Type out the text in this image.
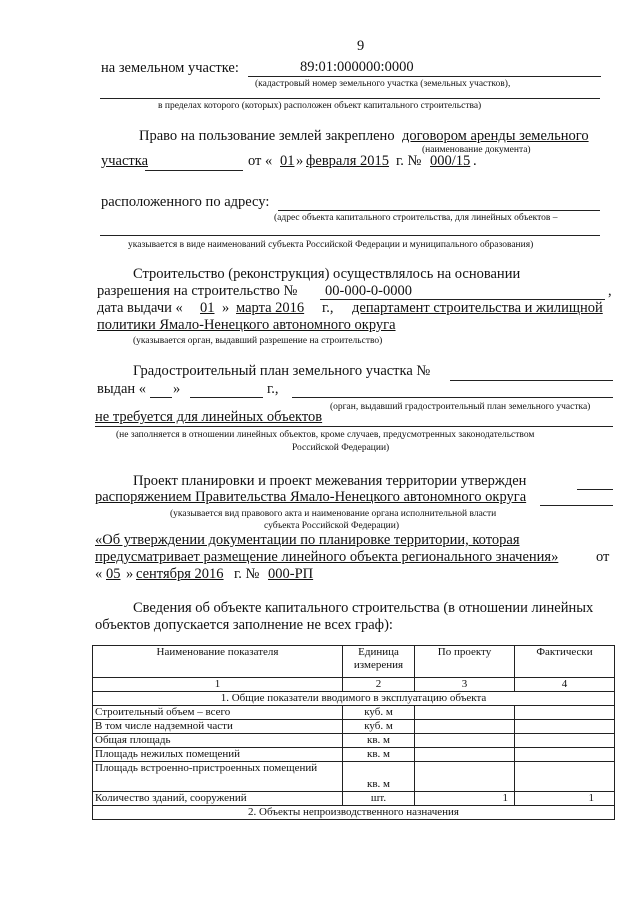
9
на земельном участке:	89:01:000000:0000
(кадастровый номер земельного участка (земельных участков),
в пределах которого (которых) расположен объект капитального строительства)
Право на пользование землей закреплено договором аренды земельного
(наименование документа)
участка	от « 01 » февраля 2015 г. № 000/15 .
расположенного по адресу:
(адрес объекта капитального строительства, для линейных объектов –
указывается в виде наименований субъекта Российской Федерации и муниципального образования)
Строительство (реконструкция) осуществлялось на основании
разрешения на строительство № 00-000-0-0000	,
дата выдачи « 01 » марта 2016 г., департамент строительства и жилищной
политики Ямало-Ненецкого автономного округа
(указывается орган, выдавший разрешение на строительство)
Градостроительный план земельного участка №
выдан « »	г.,
(орган, выдавший градостроительный план земельного участка)
не требуется для линейных объектов
(не заполняется в отношении линейных объектов, кроме случаев, предусмотренных законодательством
Российской Федерации)
Проект планировки и проект межевания территории утвержден
распоряжением Правительства Ямало-Ненецкого автономного округа
(указывается вид правового акта и наименование органа исполнительной власти
субъекта Российской Федерации)
«Об утверждении документации по планировке территории, которая
предусматривает размещение линейного объекта регионального значения»	от
« 05 » сентября 2016 г. № 000-РП
Сведения об объекте капитального строительства (в отношении линейных
объектов допускается заполнение не всех граф):
Наименование показателя	Единица измерения	По проекту	Фактически
1	2	3	4
1. Общие показатели вводимого в эксплуатацию объекта			
Строительный объем – всего	куб. м		
В том числе надземной части	куб. м		
Общая площадь	кв. м		
Площадь нежилых помещений	кв. м		
Площадь встроенно-пристроенных помещений	кв. м		
Количество зданий, сооружений	шт.	1	1
2. Объекты непроизводственного назначения			
